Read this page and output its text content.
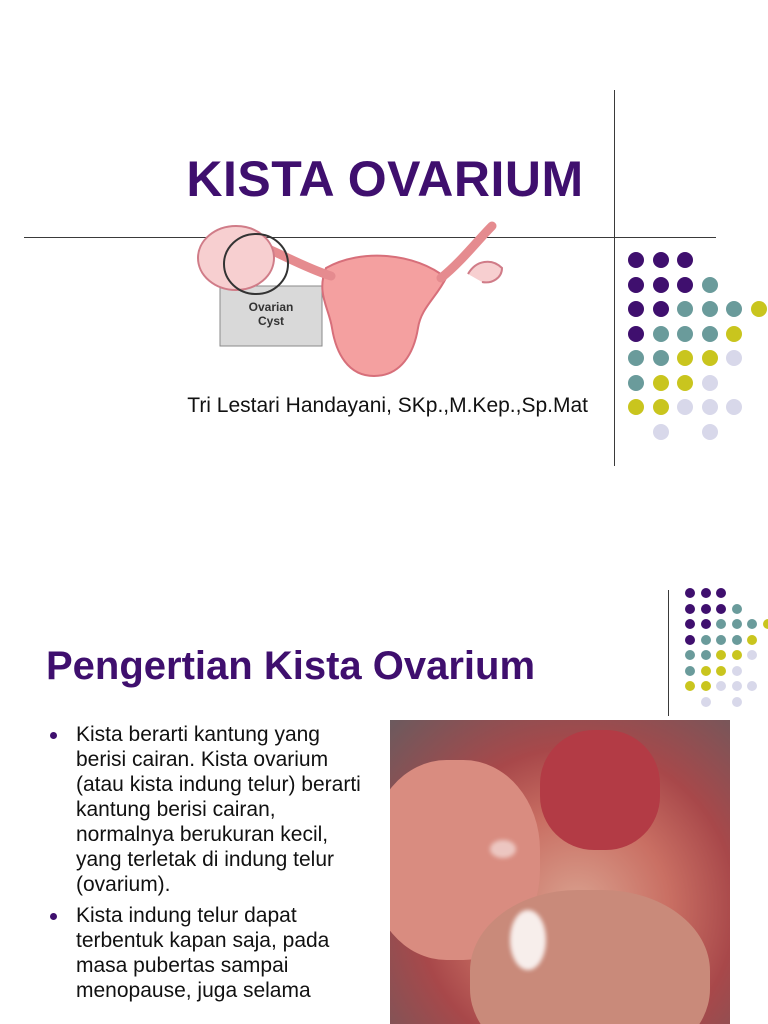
KISTA OVARIUM
Ovarian
Cyst
Tri Lestari Handayani, SKp.,M.Kep.,Sp.Mat
Pengertian Kista Ovarium
Kista berarti kantung yang berisi cairan. Kista ovarium (atau kista indung telur) berarti kantung berisi cairan, normalnya berukuran kecil, yang terletak di indung telur (ovarium).
Kista indung telur dapat terbentuk kapan saja, pada masa pubertas sampai menopause, juga selama
